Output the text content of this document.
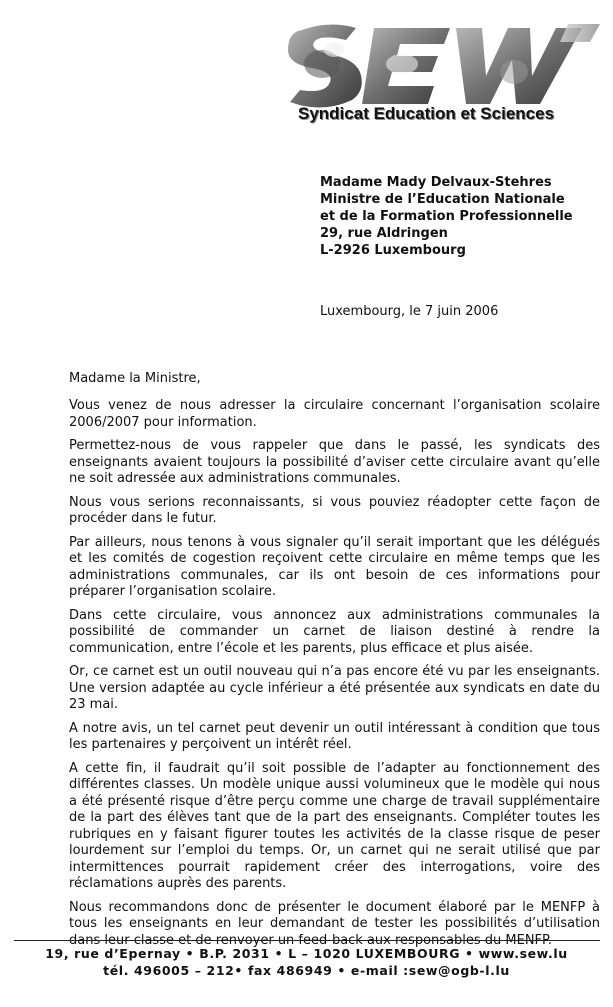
Syndicat Education et Sciences
Madame Mady Delvaux-Stehres
Ministre de l’Education Nationale
et de la Formation Professionnelle
29, rue Aldringen
L-2926 Luxembourg
Luxembourg, le 7 juin 2006
Madame la Ministre,

Vous venez de nous adresser la circulaire concernant l’organisation scolaire 2006/2007 pour information.

Permettez-nous de vous rappeler que dans le passé, les syndicats des enseignants avaient toujours la possibilité d’aviser cette circulaire avant qu’elle ne soit adressée aux administrations communales.

Nous vous serions reconnaissants, si vous pouviez réadopter cette façon de procéder dans le futur.

Par ailleurs, nous tenons à vous signaler qu’il serait important que les délégués et les comités de cogestion reçoivent cette circulaire en même temps que les administrations communales, car ils ont besoin de ces informations pour préparer l’organisation scolaire.

Dans cette circulaire, vous annoncez aux administrations communales la possibilité de commander un carnet de liaison destiné à rendre la communication, entre l’école et les parents, plus efficace et plus aisée.

Or, ce carnet est un outil nouveau qui n’a pas encore été vu par les enseignants. Une version adaptée au cycle inférieur a été présentée aux syndicats en date du 23 mai.

A notre avis, un tel carnet peut devenir un outil intéressant à condition que tous les partenaires y perçoivent un intérêt réel.

A cette fin, il faudrait qu’il soit possible de l’adapter au fonctionnement des différentes classes. Un modèle unique aussi volumineux que le modèle qui nous a été présenté risque d’être perçu comme une charge de travail supplémentaire de la part des élèves tant que de la part des enseignants. Compléter toutes les rubriques en y faisant figurer toutes les activités de la classe risque de peser lourdement sur l’emploi du temps. Or, un carnet qui ne serait utilisé que par intermittences pourrait rapidement créer des interrogations, voire des réclamations auprès des parents.

Nous recommandons donc de présenter le document élaboré par le MENFP à tous les enseignants en leur demandant de tester les possibilités d’utilisation dans leur classe et de renvoyer un feed-back aux responsables du MENFP.

19, rue d’Epernay • B.P. 2031 • L – 1020 LUXEMBOURG • www.sew.lu
tél. 496005 – 212• fax 486949 • e-mail :sew@ogb-l.lu
